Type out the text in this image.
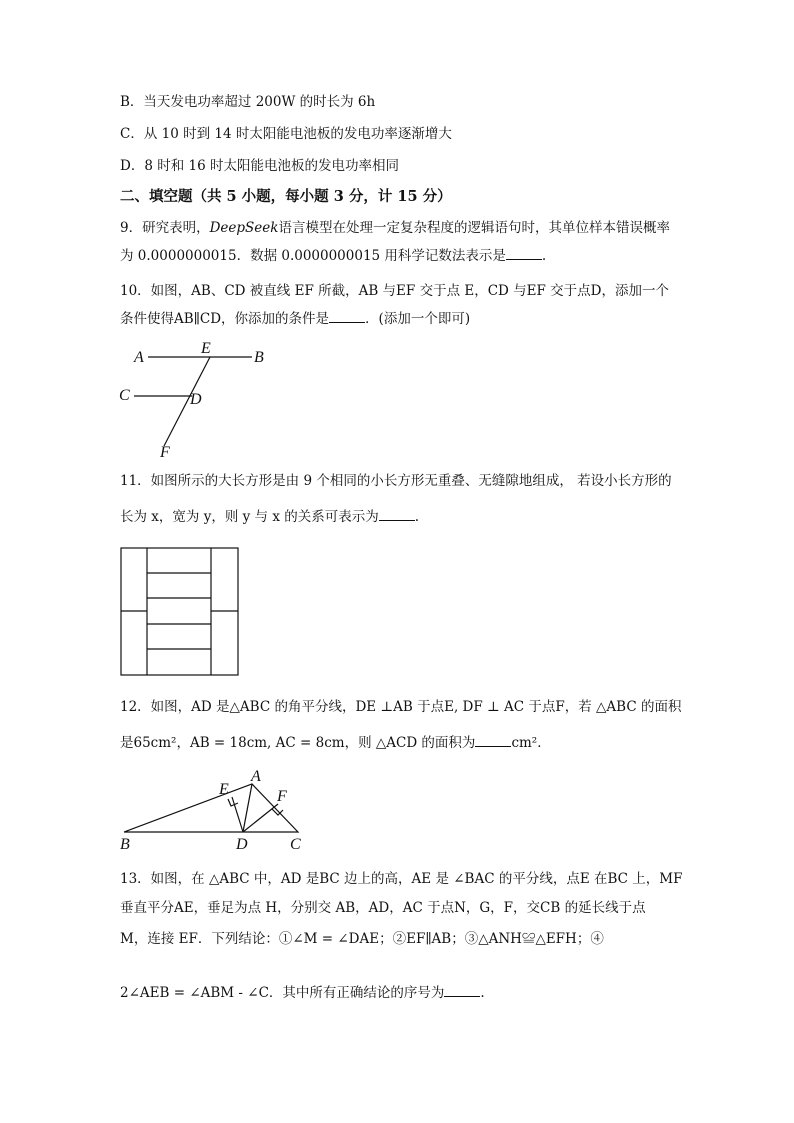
B．当天发电功率超过 200W 的时长为 6h
C．从 10 时到 14 时太阳能电池板的发电功率逐渐增大
D．8 时和 16 时太阳能电池板的发电功率相同
二、填空题（共 5 小题，每小题 3 分，计 15 分）
9．研究表明，DeepSeek语言模型在处理一定复杂程度的逻辑语句时，其单位样本错误概率
为 0.0000000015．数据 0.0000000015 用科学记数法表示是	.
10．如图，AB、CD 被直线 EF 所截，AB 与EF 交于点 E，CD 与EF 交于点D，添加一个
条件使得AB∥CD，你添加的条件是	．(添加一个即可)
A
E
B
C	D
F
11．如图所示的大长方形是由 9 个相同的小长方形无重叠、无缝隙地组成， 若设小长方形的
长为 x，宽为 y，则 y 与 x 的关系可表示为	.
12．如图，AD 是△ABC 的角平分线，DE ⊥AB 于点E, DF ⊥ AC 于点F，若 △ABC 的面积
是65cm²，AB = 18cm, AC = 8cm，则 △ACD 的面积为	cm²．
A
E	F
B	D	C
13．如图，在 △ABC 中，AD 是BC 边上的高，AE 是 ∠BAC 的平分线，点E 在BC 上，MF
垂直平分AE，垂足为点 H，分别交 AB，AD，AC 于点N，G，F，交CB 的延长线于点
M，连接 EF．下列结论：①∠M = ∠DAE；②EF∥AB；③△ANH≌△EFH；④
2∠AEB = ∠ABM - ∠C．其中所有正确结论的序号为	.
